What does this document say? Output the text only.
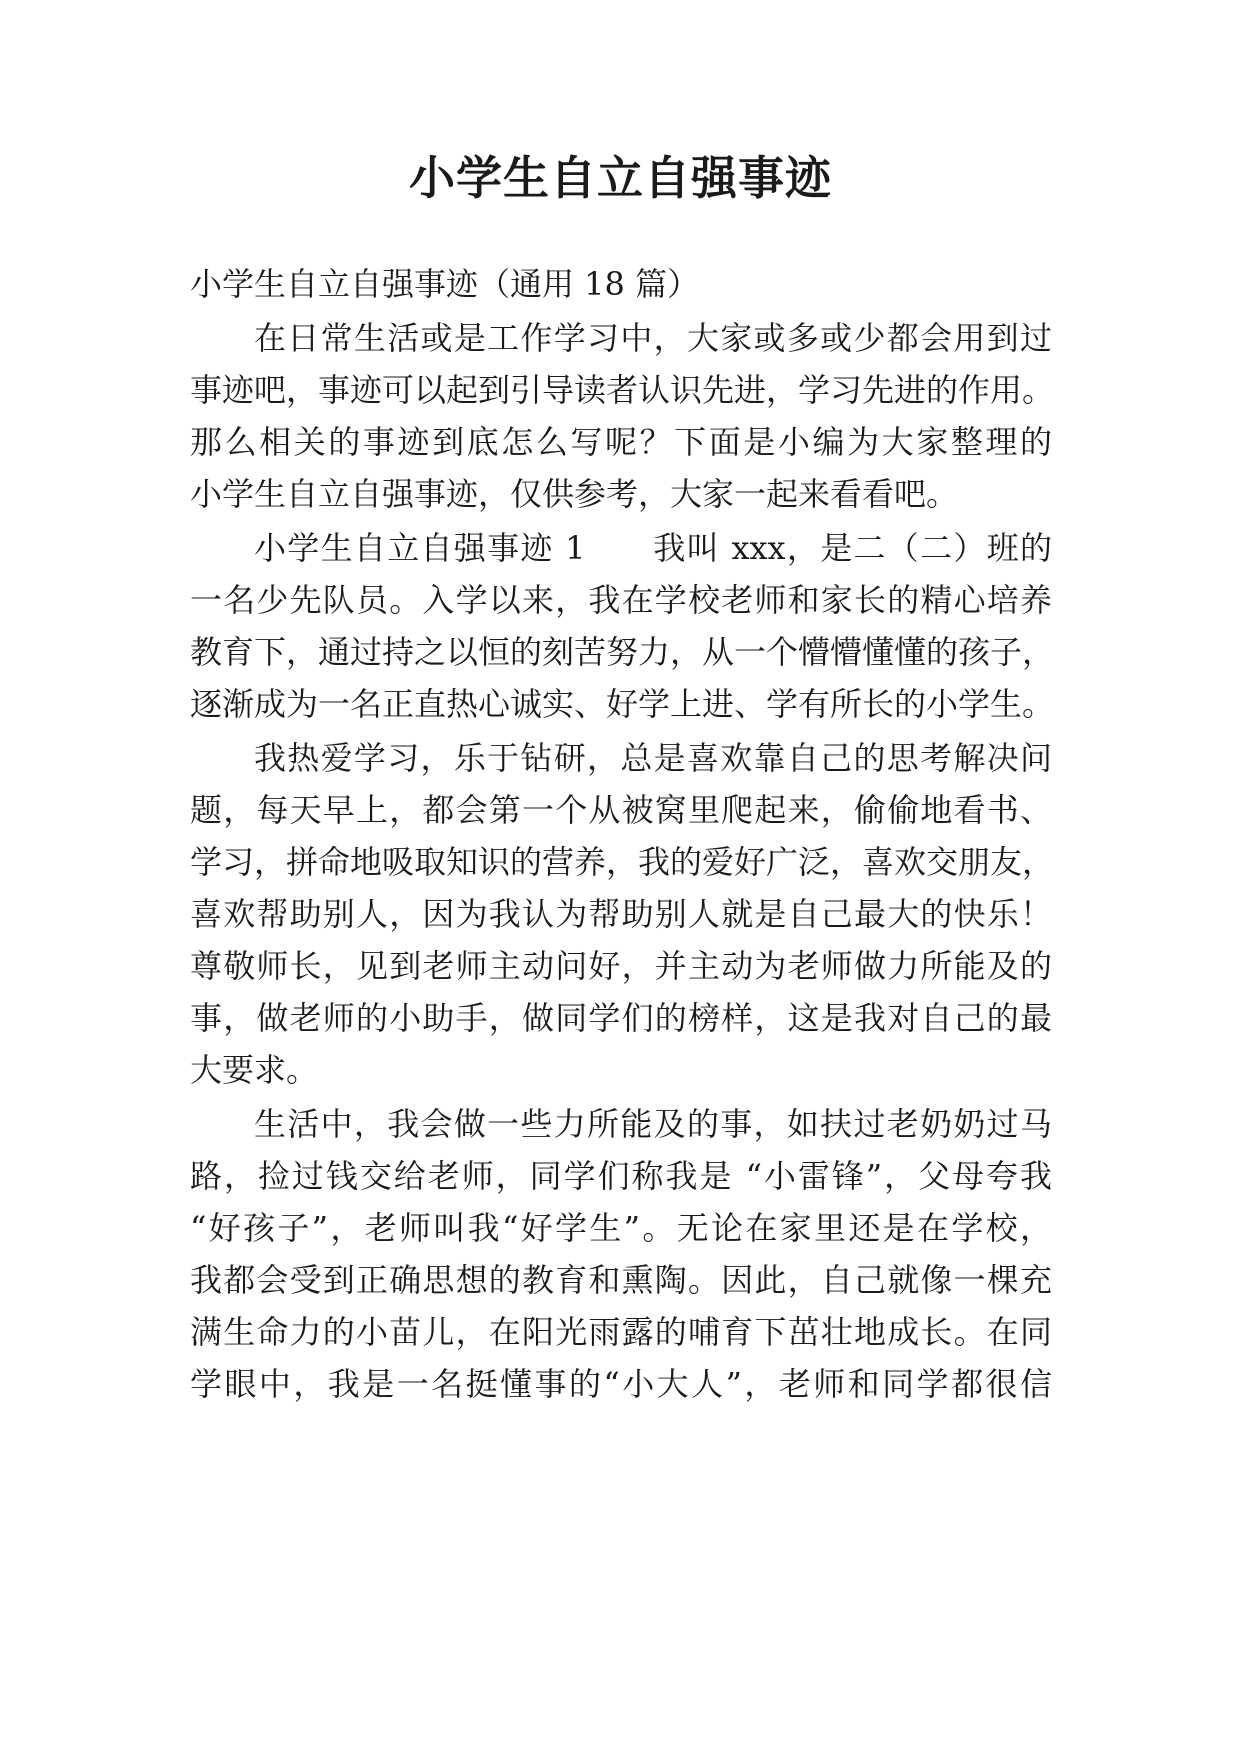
小学生自立自强事迹

小学生自立自强事迹（通用 18 篇）

在日常生活或是工作学习中，大家或多或少都会用到过

事迹吧，事迹可以起到引导读者认识先进，学习先进的作用。

那么相关的事迹到底怎么写呢？下面是小编为大家整理的

小学生自立自强事迹，仅供参考，大家一起来看看吧。

小学生自立自强事迹 1　　我叫 xxx，是二（二）班的

一名少先队员。入学以来，我在学校老师和家长的精心培养

教育下，通过持之以恒的刻苦努力，从一个懵懵懂懂的孩子，

逐渐成为一名正直热心诚实、好学上进、学有所长的小学生。

我热爱学习，乐于钻研，总是喜欢靠自己的思考解决问

题，每天早上，都会第一个从被窝里爬起来，偷偷地看书、

学习，拼命地吸取知识的营养，我的爱好广泛，喜欢交朋友，

喜欢帮助别人，因为我认为帮助别人就是自己最大的快乐！

尊敬师长，见到老师主动问好，并主动为老师做力所能及的

事，做老师的小助手，做同学们的榜样，这是我对自己的最

大要求。

生活中，我会做一些力所能及的事，如扶过老奶奶过马

路，捡过钱交给老师，同学们称我是 “小雷锋”，父母夸我

“好孩子”，老师叫我“好学生”。无论在家里还是在学校，

我都会受到正确思想的教育和熏陶。因此，自己就像一棵充

满生命力的小苗儿，在阳光雨露的哺育下茁壮地成长。在同

学眼中，我是一名挺懂事的“小大人”，老师和同学都很信
